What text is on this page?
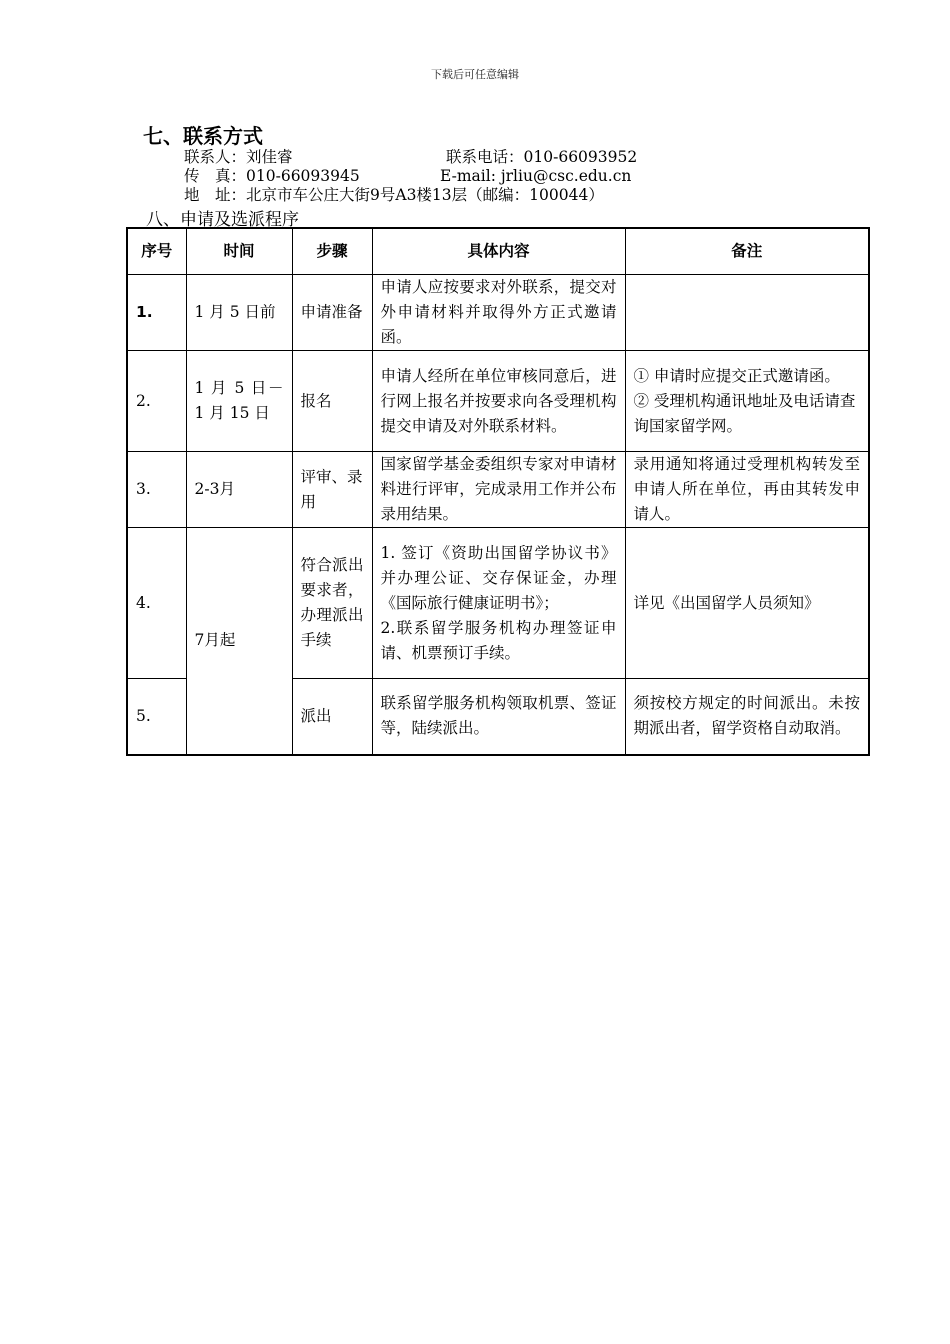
下载后可任意编辑
七、联系方式
联系人：刘佳睿	联系电话：010-66093952
传　真：010-66093945	E-mail: jrliu@csc.edu.cn
地　址：北京市车公庄大街9号A3楼13层（邮编：100044）
八、申请及选派程序
序号	时间	步骤	具体内容	备注
1.	1 月 5 日前	申请准备	申请人应按要求对外联系，提交对外申请材料并取得外方正式邀请函。	
2.	1 月 5 日－1 月 15 日	报名	申请人经所在单位审核同意后，进行网上报名并按要求向各受理机构提交申请及对外联系材料。	① 申请时应提交正式邀请函。
② 受理机构通讯地址及电话请查询国家留学网。

3.	2-3月	评审、录用	国家留学基金委组织专家对申请材料进行评审，完成录用工作并公布录用结果。	录用通知将通过受理机构转发至申请人所在单位，再由其转发申请人。
4.	7月起	符合派出要求者，办理派出手续	1. 签订《资助出国留学协议书》并办理公证、交存保证金，办理《国际旅行健康证明书》；
2.联系留学服务机构办理签证申请、机票预订手续。	详见《出国留学人员须知》
5.		派出	联系留学服务机构领取机票、签证等，陆续派出。	须按校方规定的时间派出。未按期派出者，留学资格自动取消。
